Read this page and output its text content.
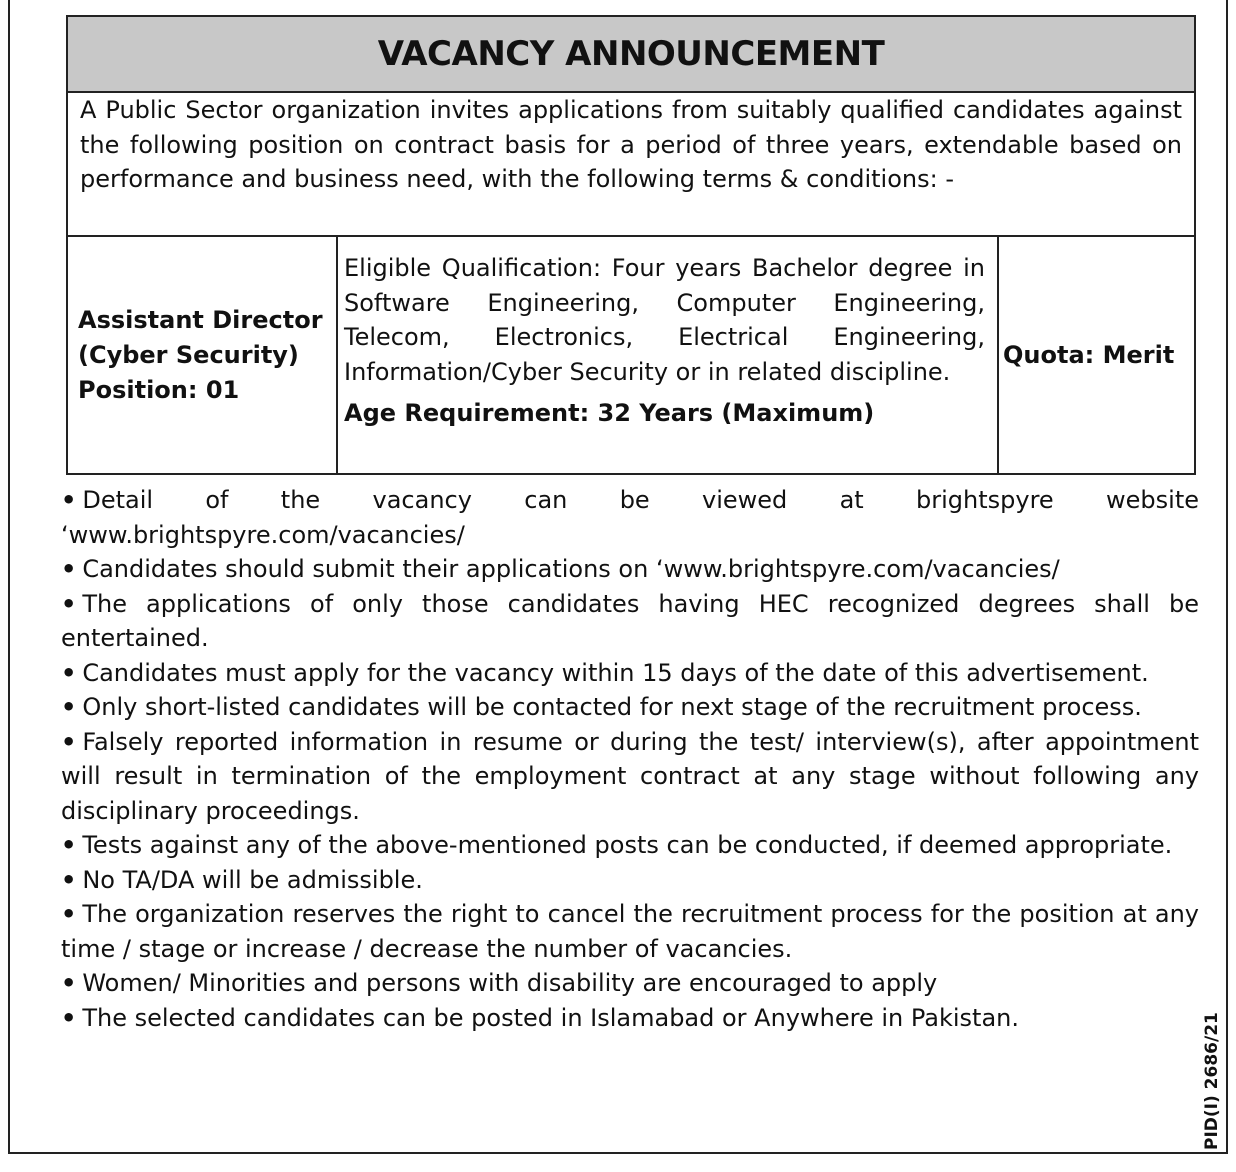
VACANCY ANNOUNCEMENT
A Public Sector organization invites applications from suitably qualified candidates against the following position on contract basis for a period of three years, extendable based on performance and business need, with the following terms & conditions: -
Assistant Director
(Cyber Security)
Position: 01
Eligible Qualification: Four years Bachelor degree in Software Engineering, Computer Engineering, Telecom, Electronics, Electrical Engineering, Information/Cyber Security or in related discipline.
Age Requirement: 32 Years (Maximum)
Quota: Merit
• Detail of the vacancy can be viewed at brightspyre website ‘www.brightspyre.com/vacancies/
• Candidates should submit their applications on ‘www.brightspyre.com/vacancies/
• The applications of only those candidates having HEC recognized degrees shall be entertained.
• Candidates must apply for the vacancy within 15 days of the date of this advertisement.
• Only short-listed candidates will be contacted for next stage of the recruitment process.
• Falsely reported information in resume or during the test/ interview(s), after appointment will result in termination of the employment contract at any stage without following any disciplinary proceedings.
• Tests against any of the above-mentioned posts can be conducted, if deemed appropriate.
• No TA/DA will be admissible.
• The organization reserves the right to cancel the recruitment process for the position at any time / stage or increase / decrease the number of vacancies.
• Women/ Minorities and persons with disability are encouraged to apply
• The selected candidates can be posted in Islamabad or Anywhere in Pakistan.	PID(I) 2686/21
